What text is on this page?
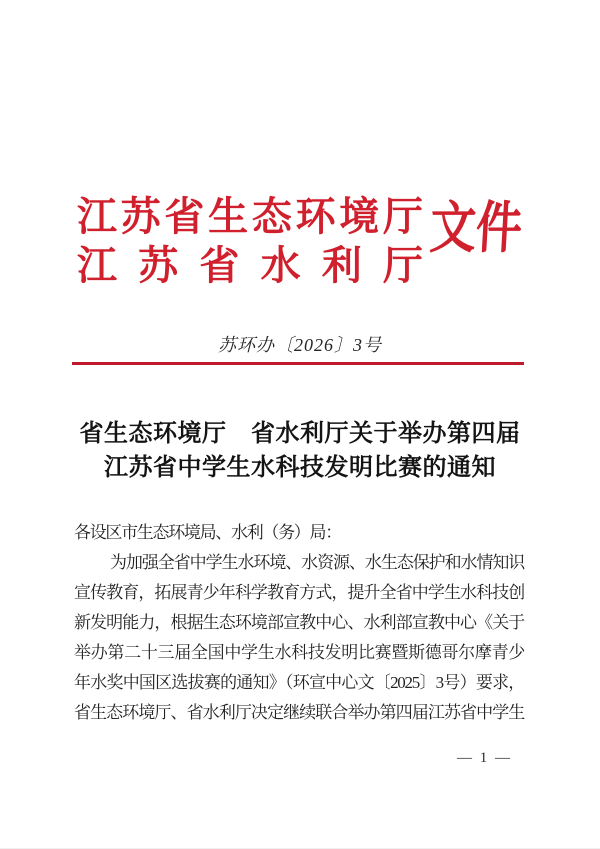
江苏省生态环境厅
江苏省水利厅
文件
苏环办〔2026〕3号
省生态环境厅　省水利厅关于举办第四届
江苏省中学生水科技发明比赛的通知
各设区市生态环境局、水利（务）局：
为加强全省中学生水环境、水资源、水生态保护和水情知识
宣传教育，拓展青少年科学教育方式，提升全省中学生水科技创
新发明能力，根据生态环境部宣教中心、水利部宣教中心《关于
举办第二十三届全国中学生水科技发明比赛暨斯德哥尔摩青少
年水奖中国区选拔赛的通知》（环宣中心文〔2025〕3号）要求，
省生态环境厅、省水利厅决定继续联合举办第四届江苏省中学生
— 1 —
